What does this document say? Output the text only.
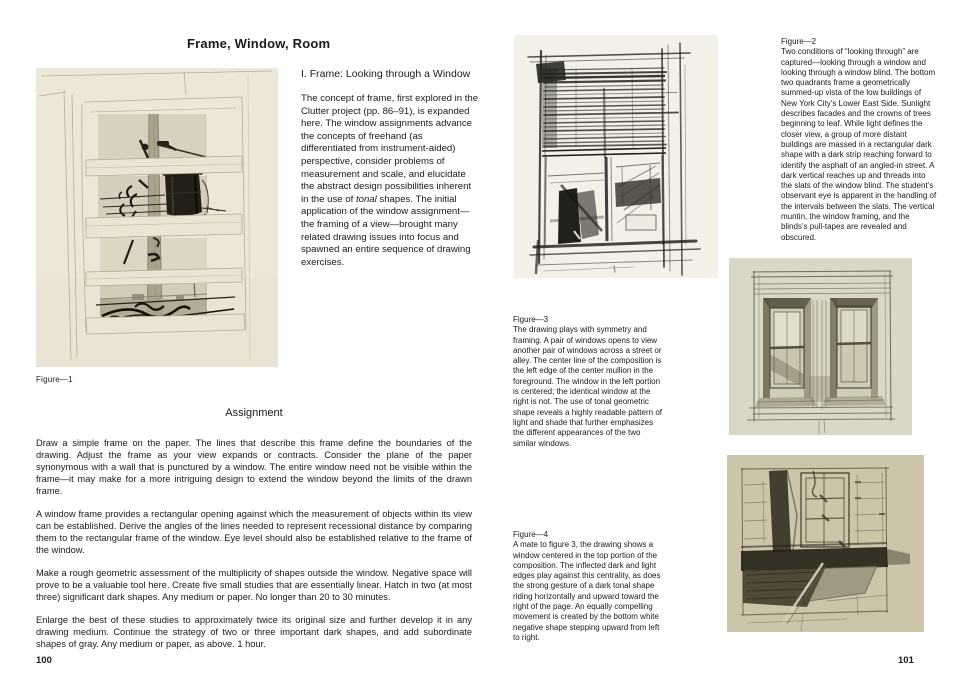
Frame, Window, Room
Figure—1
I. Frame: Looking through a Window

The concept of frame, first explored in the Clutter project (pp. 86–91), is expanded here. The window assignments advance the concepts of freehand (as differentiated from instrument-aided) perspective, consider problems of measurement and scale, and elucidate the abstract design possibilities inherent in the use of tonal shapes. The initial application of the window assignment—the framing of a view—brought many related drawing issues into focus and spawned an entire sequence of drawing exercises.

Assignment

Draw a simple frame on the paper. The lines that describe this frame define the boundaries of the drawing. Adjust the frame as your view expands or contracts. Consider the plane of the paper synonymous with a wall that is punctured by a window. The entire window need not be visible within the frame—it may make for a more intriguing design to extend the window beyond the limits of the drawn frame.

A window frame provides a rectangular opening against which the measurement of objects within its view can be established. Derive the angles of the lines needed to represent recessional distance by comparing them to the rectangular frame of the window. Eye level should also be established relative to the frame of the window.

Make a rough geometric assessment of the multiplicity of shapes outside the window. Negative space will prove to be a valuable tool here. Create five small studies that are essentially linear. Hatch in two (at most three) significant dark shapes. Any medium or paper. No longer than 20 to 30 minutes.

Enlarge the best of these studies to approximately twice its original size and further develop it in any drawing medium. Continue the strategy of two or three important dark shapes, and add subordinate shapes of gray. Any medium or paper, as above. 1 hour.

100
Figure—2
Two conditions of “looking through” are captured—looking through a window and looking through a window blind. The bottom two quadrants frame a geometrically summed-up vista of the low buildings of New York City’s Lower East Side. Sunlight describes facades and the crowns of trees beginning to leaf. While light defines the closer view, a group of more distant buildings are massed in a rectangular dark shape with a dark strip reaching forward to identify the asphalt of an angled-in street. A dark vertical reaches up and threads into the slats of the window blind. The student’s observant eye is apparent in the handling of the intervals between the slats. The vertical muntin, the window framing, and the blinds’s pull-tapes are revealed and obscured.
Figure—3
The drawing plays with symmetry and framing. A pair of windows opens to view another pair of windows across a street or alley. The center line of the composition is the left edge of the center mullion in the foreground. The window in the left portion is centered; the identical window at the right is not. The use of tonal geometric shape reveals a highly readable pattern of light and shade that further emphasizes the different appearances of the two similar windows.
Figure—4
A mate to figure 3, the drawing shows a window centered in the top portion of the composition. The inflected dark and light edges play against this centrality, as does the strong gesture of a dark tonal shape riding horizontally and upward toward the right of the page. An equally compelling movement is created by the bottom white negative shape stepping upward from left to right.
101
